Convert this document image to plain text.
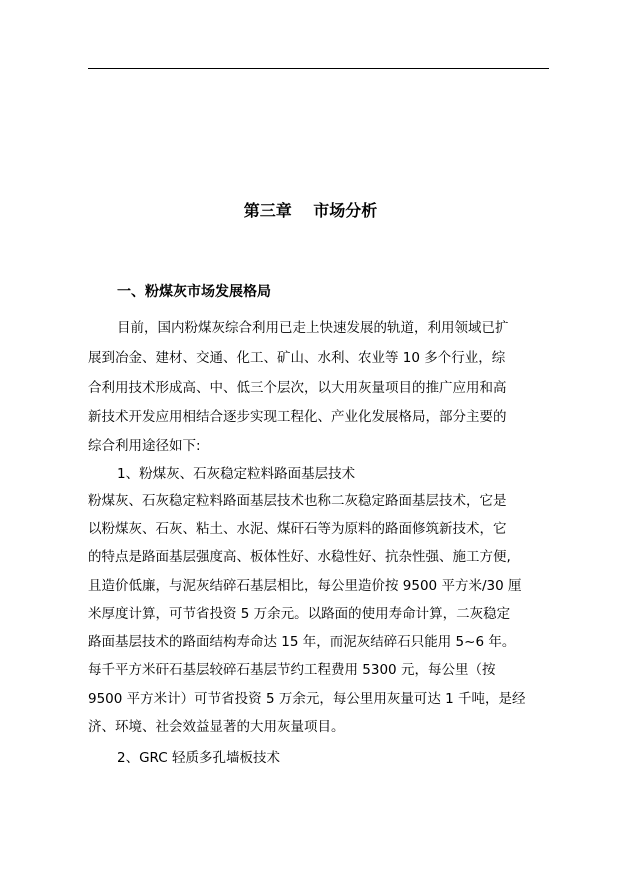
第三章　 市场分析
一、粉煤灰市场发展格局
目前，国内粉煤灰综合利用已走上快速发展的轨道，利用领域已扩
展到冶金、建材、交通、化工、矿山、水利、农业等 10 多个行业，综
合利用技术形成高、中、低三个层次，以大用灰量项目的推广应用和高
新技术开发应用相结合逐步实现工程化、产业化发展格局，部分主要的
综合利用途径如下:
1、粉煤灰、石灰稳定粒料路面基层技术
粉煤灰、石灰稳定粒料路面基层技术也称二灰稳定路面基层技术，它是
以粉煤灰、石灰、粘土、水泥、煤矸石等为原料的路面修筑新技术，它
的特点是路面基层强度高、板体性好、水稳性好、抗杂性强、施工方便,
且造价低廉，与泥灰结碎石基层相比，每公里造价按 9500 平方米/30 厘
米厚度计算，可节省投资 5 万余元。以路面的使用寿命计算，二灰稳定
路面基层技术的路面结构寿命达 15 年，而泥灰结碎石只能用 5~6 年。
每千平方米矸石基层较碎石基层节约工程费用 5300 元，每公里（按
9500 平方米计）可节省投资 5 万余元，每公里用灰量可达 1 千吨，是经
济、环境、社会效益显著的大用灰量项目。
2、GRC 轻质多孔墙板技术
